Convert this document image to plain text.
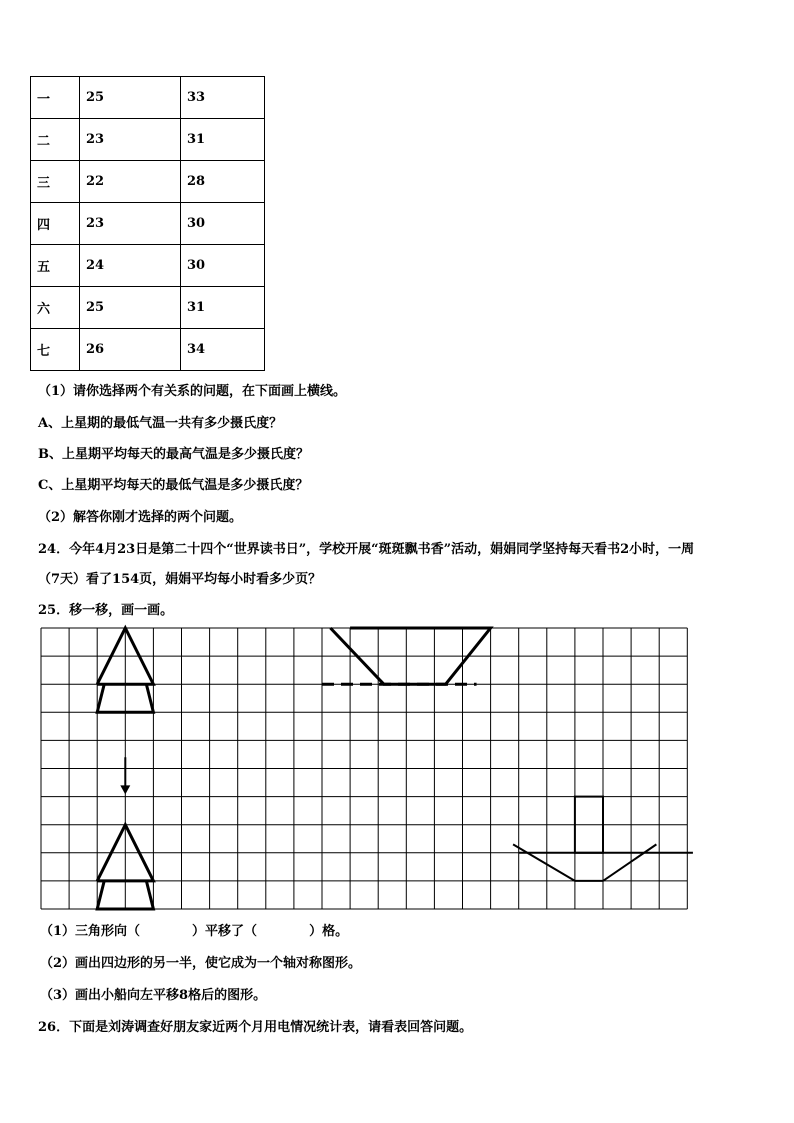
一	25	33
二	23	31
三	22	28
四	23	30
五	24	30
六	25	31
七	26	34
（1）请你选择两个有关系的问题，在下面画上横线。
A、上星期的最低气温一共有多少摄氏度？
B、上星期平均每天的最高气温是多少摄氏度？
C、上星期平均每天的最低气温是多少摄氏度？
（2）解答你刚才选择的两个问题。
24．今年4月23日是第二十四个“世界读书日”，学校开展“斑斑飘书香”活动，娟娟同学坚持每天看书2小时，一周
（7天）看了154页，娟娟平均每小时看多少页？
25．移一移，画一画。
（1）三角形向（	）平移了（	）格。
（2）画出四边形的另一半，使它成为一个轴对称图形。
（3）画出小船向左平移8格后的图形。
26．下面是刘涛调查好朋友家近两个月用电情况统计表，请看表回答问题。
